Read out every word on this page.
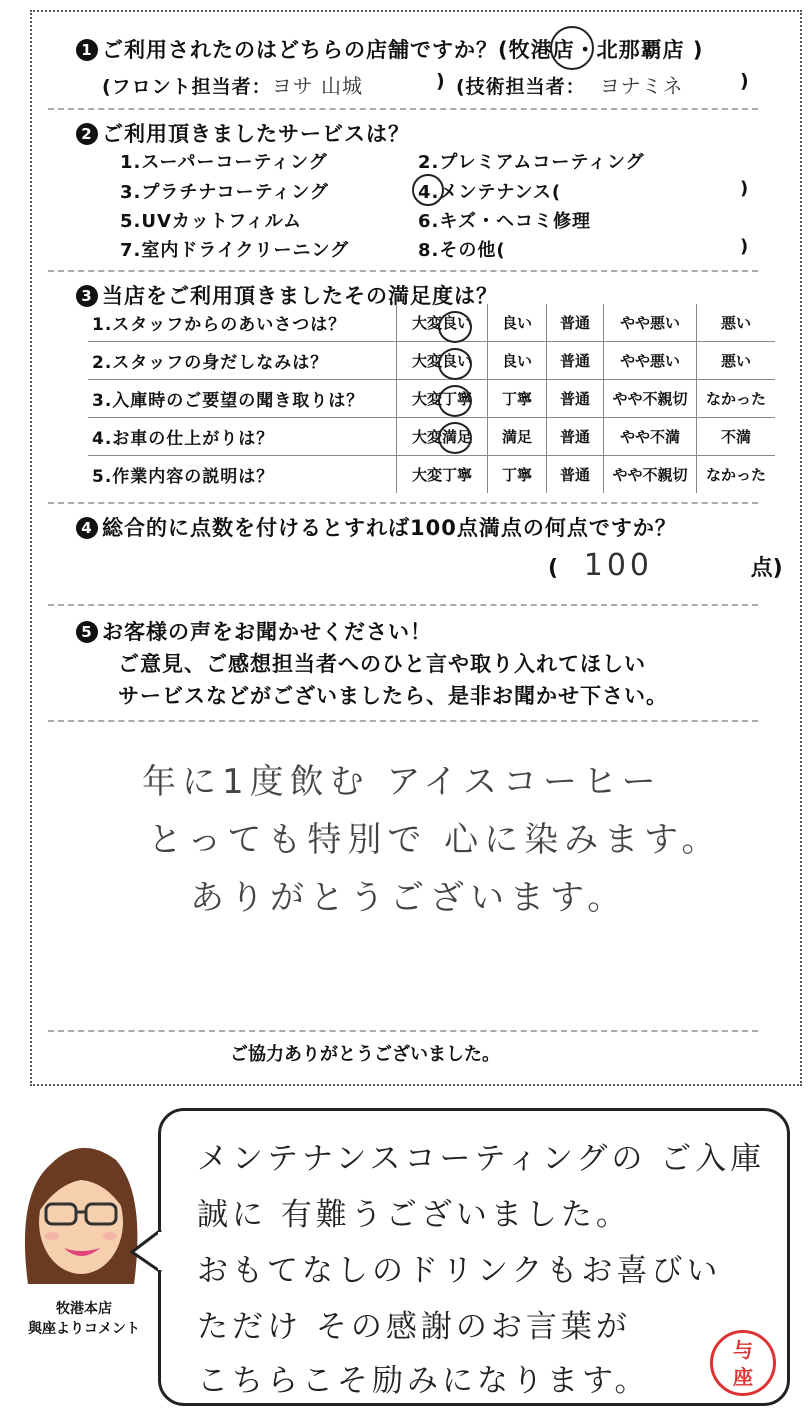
1 ご利用されたのはどちらの店舗ですか？(牧港店・北那覇店 )
(フロント担当者：ヨサ 山城	) (技術担当者： ヨナミネ	)
2 ご利用頂きましたサービスは？
1.スーパーコーティング	2.プレミアムコーティング
3.プラチナコーティング	4.メンテナンス(	)
5.UVカットフィルム	6.キズ・ヘコミ修理
7.室内ドライクリーニング	8.その他(	)
3 当店をご利用頂きましたその満足度は？
1.スタッフからのあいさつは？	大変良い	良い	普通	やや悪い	悪い
2.スタッフの身だしなみは？	大変良い	良い	普通	やや悪い	悪い
3.入庫時のご要望の聞き取りは？	大変丁寧	丁寧	普通	やや不親切	なかった
4.お車の仕上がりは？	大変満足	満足	普通	やや不満	不満
5.作業内容の説明は？	大変丁寧	丁寧	普通	やや不親切	なかった
4 総合的に点数を付けるとすれば100点満点の何点ですか？
( 100	点)
5 お客様の声をお聞かせください！
ご意見、ご感想担当者へのひと言や取り入れてほしい
サービスなどがございましたら、是非お聞かせ下さい。
年に1度飲む アイスコーヒー
とっても特別で 心に染みます。
ありがとうございます。
ご協力ありがとうございました。
牧港本店
與座よりコメント
メンテナンスコーティングの ご入庫
誠に 有難うございました。
おもてなしのドリンクもお喜びい
ただけ その感謝のお言葉が
こちらこそ励みになります。
与
座
